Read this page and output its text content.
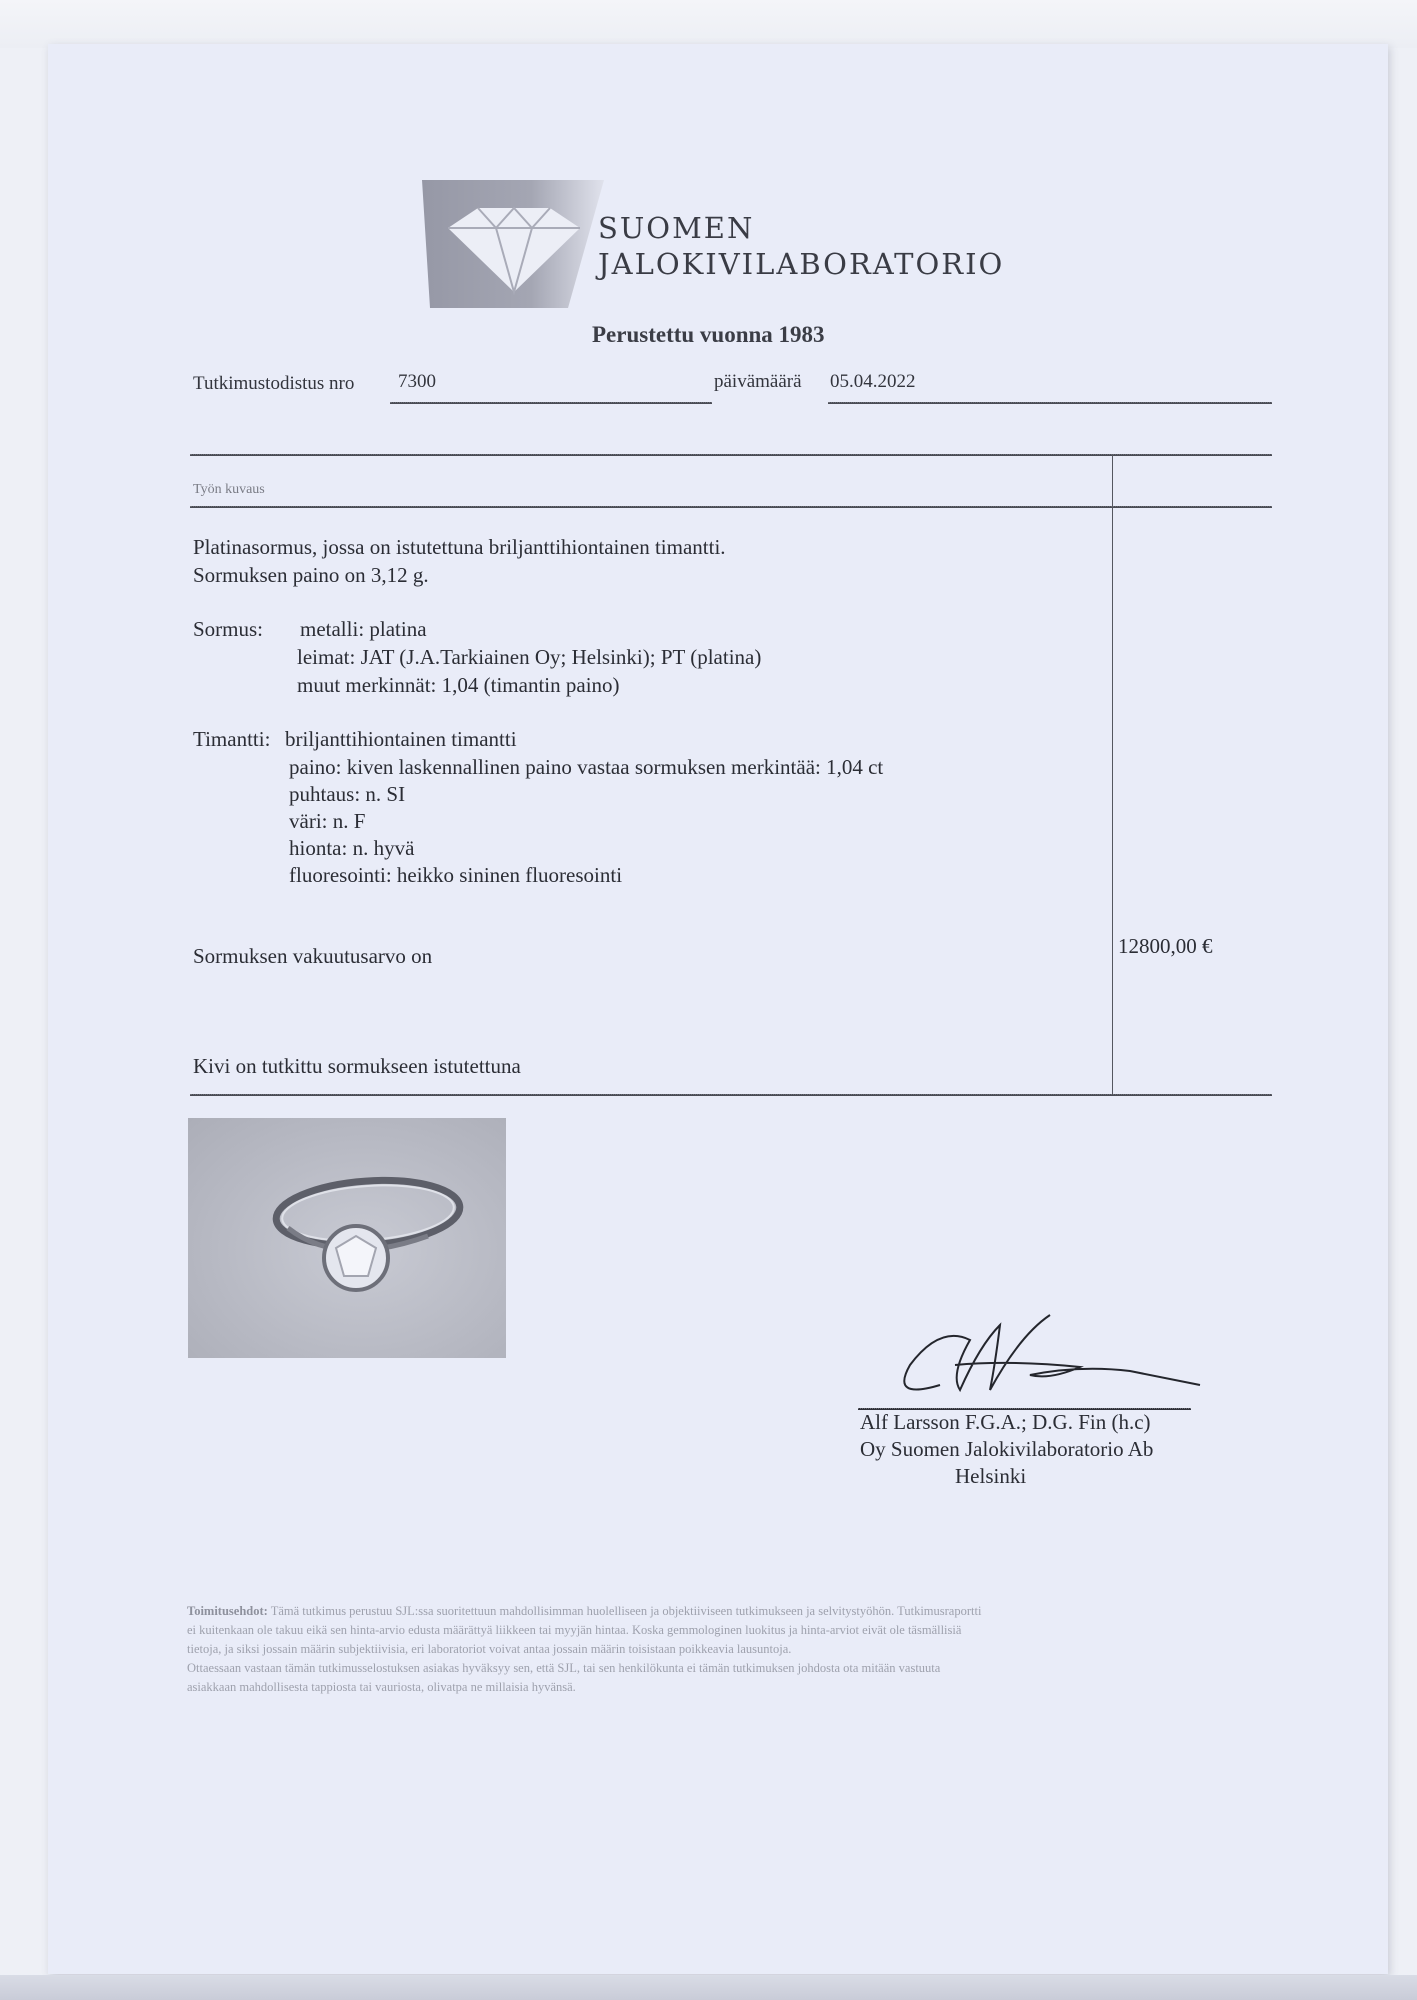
SUOMEN
JALOKIVILABORATORIO
Perustettu vuonna 1983
Tutkimustodistus nro 7300	päivämäärä 05.04.2022
Työn kuvaus
Platinasormus, jossa on istutettuna briljanttihiontainen timantti.
Sormuksen paino on 3,12 g.
Sormus: metalli: platina
leimat: JAT (J.A.Tarkiainen Oy; Helsinki); PT (platina)
muut merkinnät: 1,04 (timantin paino)
Timantti: briljanttihiontainen timantti
paino: kiven laskennallinen paino vastaa sormuksen merkintää: 1,04 ct
puhtaus: n. SI
väri: n. F
hionta: n. hyvä
fluoresointi: heikko sininen fluoresointi
Sormuksen vakuutusarvo on	12800,00 €
Kivi on tutkittu sormukseen istutettuna
Alf Larsson F.G.A.; D.G. Fin (h.c)
Oy Suomen Jalokivilaboratorio Ab
Helsinki
Toimitusehdot: Tämä tutkimus perustuu SJL:ssa suoritettuun mahdollisimman huolelliseen ja objektiiviseen tutkimukseen ja selvitystyöhön. Tutkimusraportti
ei kuitenkaan ole takuu eikä sen hinta-arvio edusta määrättyä liikkeen tai myyjän hintaa. Koska gemmologinen luokitus ja hinta-arviot eivät ole täsmällisiä
tietoja, ja siksi jossain määrin subjektiivisia, eri laboratoriot voivat antaa jossain määrin toisistaan poikkeavia lausuntoja.
Ottaessaan vastaan tämän tutkimusselostuksen asiakas hyväksyy sen, että SJL, tai sen henkilökunta ei tämän tutkimuksen johdosta ota mitään vastuuta
asiakkaan mahdollisesta tappiosta tai vauriosta, olivatpa ne millaisia hyvänsä.
